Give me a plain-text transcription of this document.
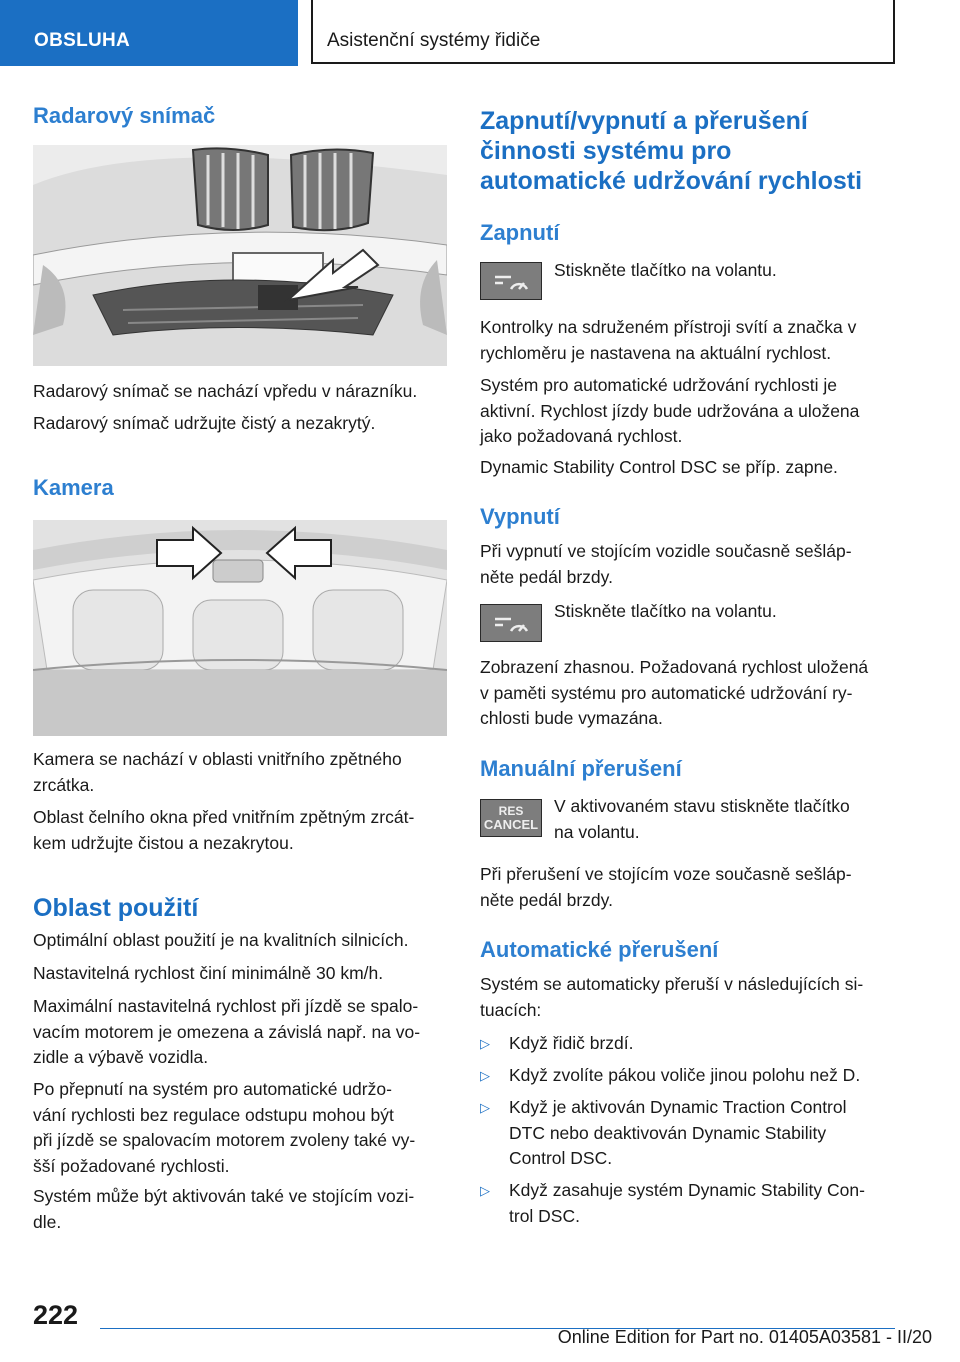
OBSLUHA	Asistenční systémy řidiče
Radarový snímač

Radarový snímač se nachází vpředu v nárazníku.

Radarový snímač udržujte čistý a nezakrytý.

Kamera

Kamera se nachází v oblasti vnitřního zpětného
zrcátka.

Oblast čelního okna před vnitřním zpětným zrcát‐
kem udržujte čistou a nezakrytou.

Oblast použití

Optimální oblast použití je na kvalitních silnicích.

Nastavitelná rychlost činí minimálně 30 km/h.

Maximální nastavitelná rychlost při jízdě se spalo‐
vacím motorem je omezena a závislá např. na vo‐
zidle a výbavě vozidla.

Po přepnutí na systém pro automatické udržo‐
vání rychlosti bez regulace odstupu mohou být
při jízdě se spalovacím motorem zvoleny také vy‐
šší požadované rychlosti.

Systém může být aktivován také ve stojícím vozi‐
dle.

Zapnutí/vypnutí a přerušení
činnosti systému pro
automatické udržování rychlosti
Zapnutí

Stiskněte tlačítko na volantu.

Kontrolky na sdruženém přístroji svítí a značka v
rychloměru je nastavena na aktuální rychlost.

Systém pro automatické udržování rychlosti je
aktivní. Rychlost jízdy bude udržována a uložena
jako požadovaná rychlost.

Dynamic Stability Control DSC se příp. zapne.

Vypnutí

Při vypnutí ve stojícím vozidle současně sešláp‐
něte pedál brzdy.

Stiskněte tlačítko na volantu.

Zobrazení zhasnou. Požadovaná rychlost uložená
v paměti systému pro automatické udržování ry‐
chlosti bude vymazána.

Manuální přerušení
RES
CANCEL

V aktivovaném stavu stiskněte tlačítko
na volantu.

Při přerušení ve stojícím voze současně sešláp‐
něte pedál brzdy.

Automatické přerušení

Systém se automaticky přeruší v následujících si‐
tuacích:

▷ Když řidič brzdí.
▷ Když zvolíte pákou voliče jinou polohu než D.
▷ Když je aktivován Dynamic Traction Control
DTC nebo deaktivován Dynamic Stability
Control DSC.
▷ Když zasahuje systém Dynamic Stability Con‐
trol DSC.
222
Online Edition for Part no. 01405A03581 - II/20
